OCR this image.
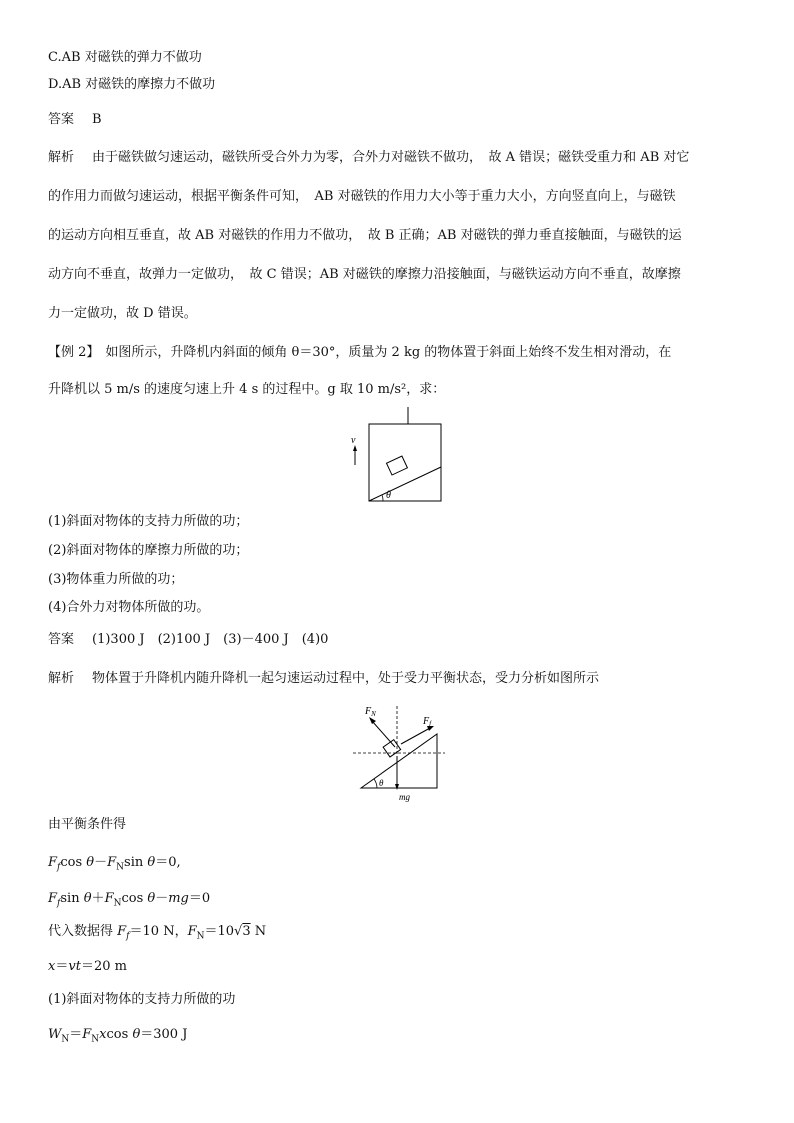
C.AB 对磁铁的弹力不做功
D.AB 对磁铁的摩擦力不做功
答案 B
解析 由于磁铁做匀速运动，磁铁所受合外力为零，合外力对磁铁不做功，　故 A 错误；磁铁受重力和 AB 对它
的作用力而做匀速运动，根据平衡条件可知，　AB 对磁铁的作用力大小等于重力大小，方向竖直向上，与磁铁
的运动方向相互垂直，故 AB 对磁铁的作用力不做功，　故 B 正确；AB 对磁铁的弹力垂直接触面，与磁铁的运
动方向不垂直，故弹力一定做功，　故 C 错误；AB 对磁铁的摩擦力沿接触面，与磁铁运动方向不垂直，故摩擦
力一定做功，故 D 错误。
【例 2】 如图所示，升降机内斜面的倾角 θ＝30°，质量为 2 kg 的物体置于斜面上始终不发生相对滑动，在
升降机以 5 m/s 的速度匀速上升 4 s 的过程中。g 取 10 m/s²，求：
θ
v
(1)斜面对物体的支持力所做的功；
(2)斜面对物体的摩擦力所做的功；
(3)物体重力所做的功；
(4)合外力对物体所做的功。
答案 (1)300 J　(2)100 J　(3)－400 J　(4)0
解析 物体置于升降机内随升降机一起匀速运动过程中，处于受力平衡状态，受力分析如图所示
θ
$F_N$
$F_f$
mg
由平衡条件得
$F_f\cos$ $\theta-F_N\sin$ θ＝0,
$F_f\sin$ $\theta+F_N\cos$ θ－mg＝0
代入数据得 $F_f=10$ N，$F_N=10√3$ N
x＝vt＝20 m
(1)斜面对物体的支持力所做的功
$W_N=F_Nxcos$ θ＝300 J
